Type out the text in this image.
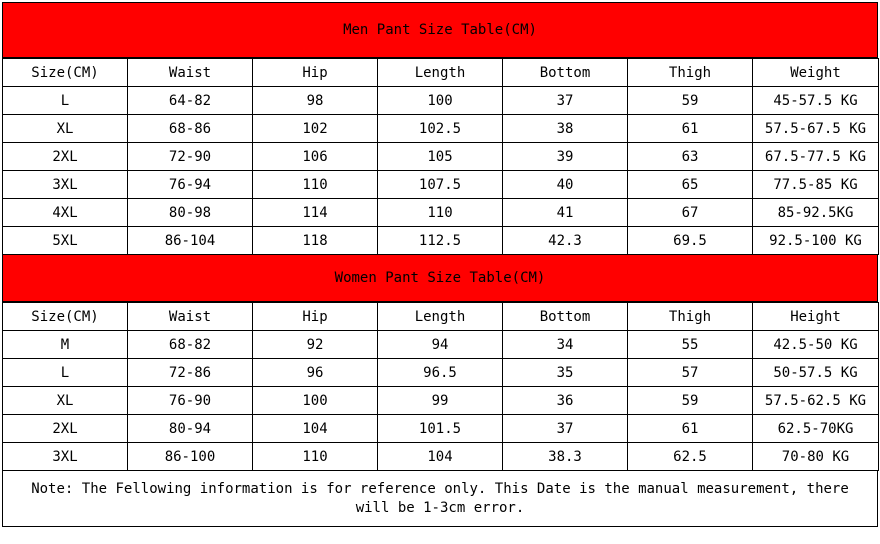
Men Pant Size Table(CM)
Size(CM)	Waist	Hip	Length	Bottom	Thigh	Weight
L	64-82	98	100	37	59	45-57.5 KG
XL	68-86	102	102.5	38	61	57.5-67.5 KG
2XL	72-90	106	105	39	63	67.5-77.5 KG
3XL	76-94	110	107.5	40	65	77.5-85 KG
4XL	80-98	114	110	41	67	85-92.5KG
5XL	86-104	118	112.5	42.3	69.5	92.5-100 KG
Women Pant Size Table(CM)
Size(CM)	Waist	Hip	Length	Bottom	Thigh	Height
M	68-82	92	94	34	55	42.5-50 KG
L	72-86	96	96.5	35	57	50-57.5 KG
XL	76-90	100	99	36	59	57.5-62.5 KG
2XL	80-94	104	101.5	37	61	62.5-70KG
3XL	86-100	110	104	38.3	62.5	70-80 KG
Note: The Fellowing information is for reference only. This Date is the manual measurement, there will be 1-3cm error.
